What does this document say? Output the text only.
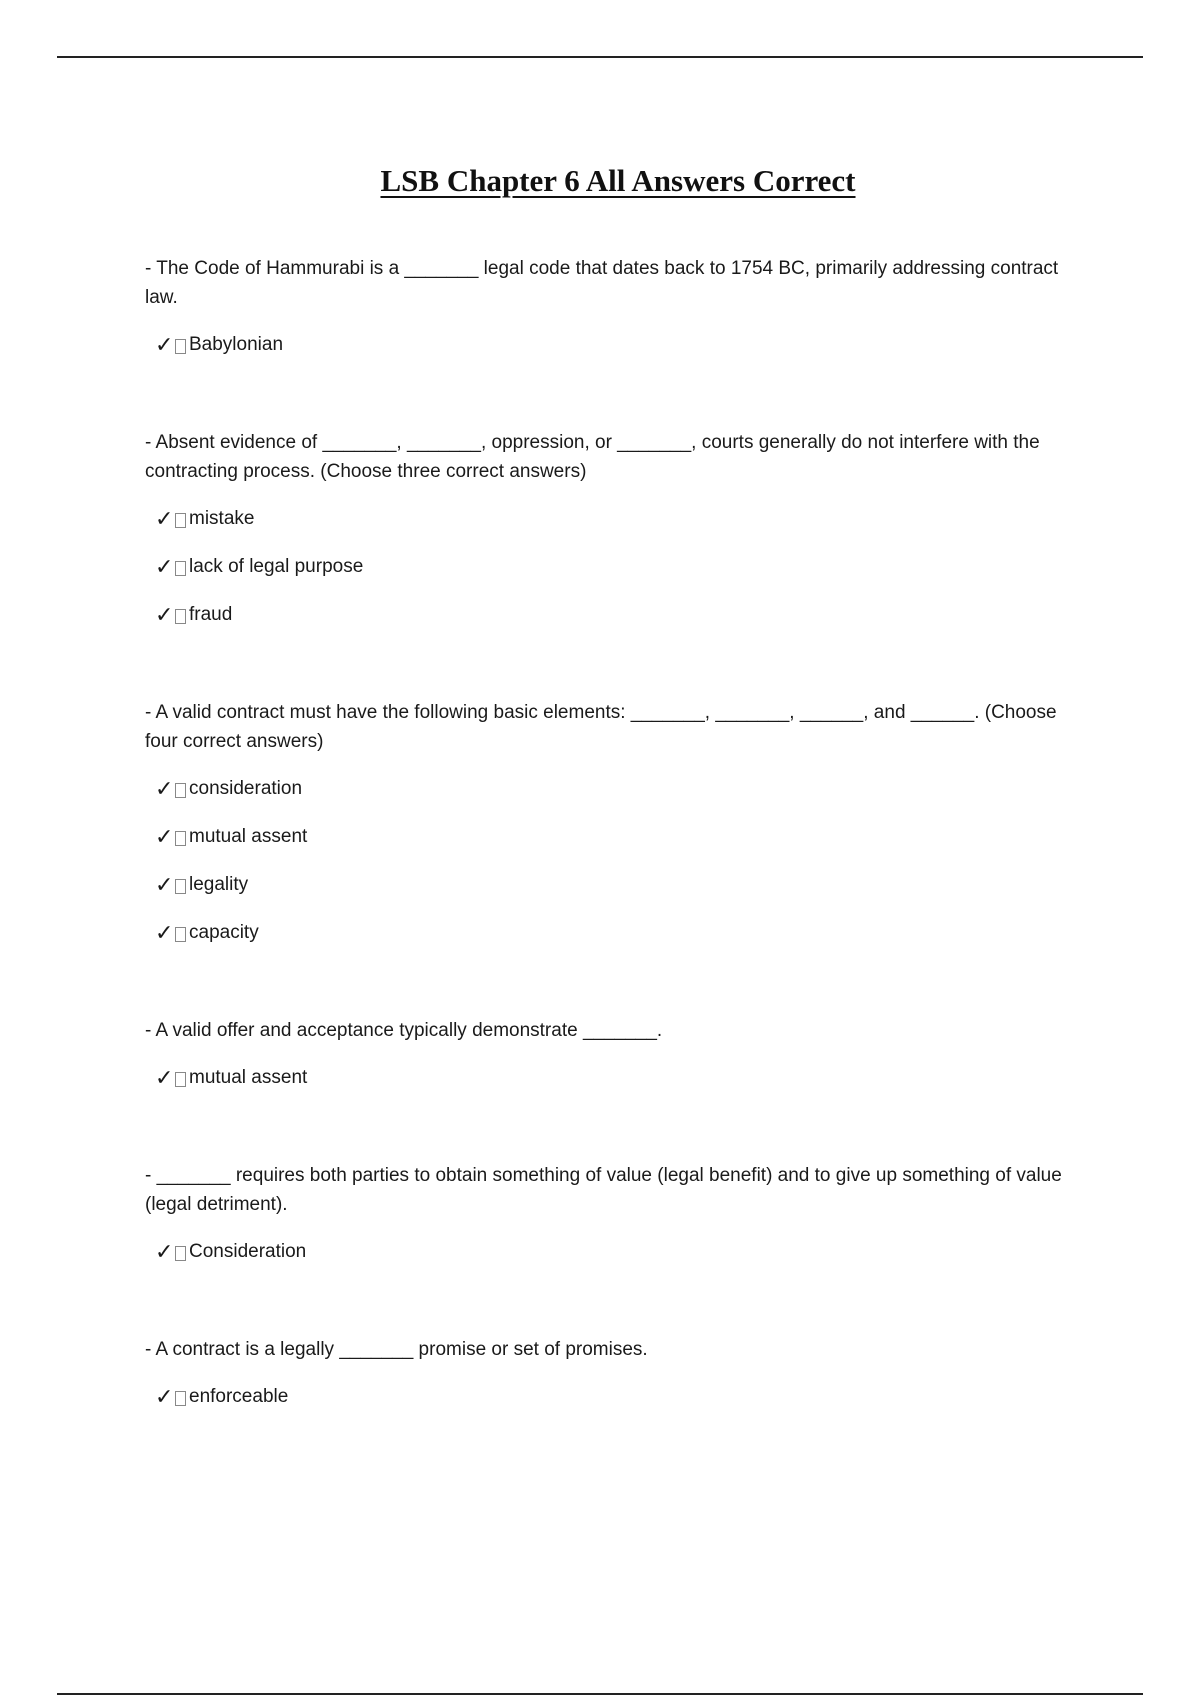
LSB Chapter 6 All Answers Correct

- The Code of Hammurabi is a _______ legal code that dates back to 1754 BC, primarily addressing contract law.

✓ Babylonian

- Absent evidence of _______, _______, oppression, or _______, courts generally do not interfere with the contracting process. (Choose three correct answers)

✓ mistake
✓ lack of legal purpose
✓ fraud

- A valid contract must have the following basic elements: _______, _______, ______, and ______. (Choose four correct answers)

✓ consideration
✓ mutual assent
✓ legality
✓ capacity

- A valid offer and acceptance typically demonstrate _______.

✓ mutual assent

- _______ requires both parties to obtain something of value (legal benefit) and to give up something of value (legal detriment).

✓ Consideration

- A contract is a legally _______ promise or set of promises.

✓ enforceable
